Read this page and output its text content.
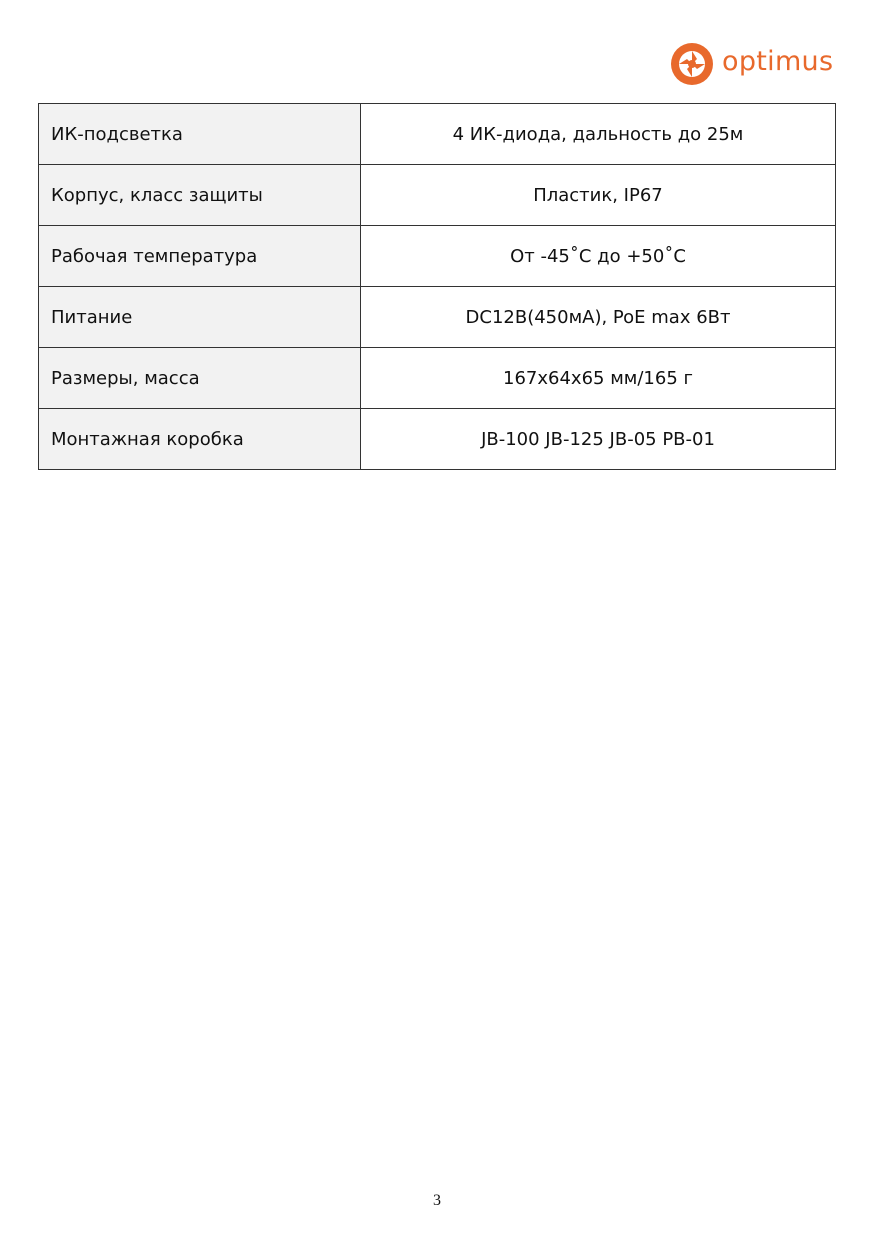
optimus
ИК-подсветка	4 ИК-диода, дальность до 25м
Корпус, класс защиты	Пластик, IP67
Рабочая температура	От -45˚С до +50˚С
Питание	DC12В(450мА), PoE max 6Вт
Размеры, масса	167х64х65 мм/165 г
Монтажная коробка	JB-100 JB-125 JB-05 PB-01
3
